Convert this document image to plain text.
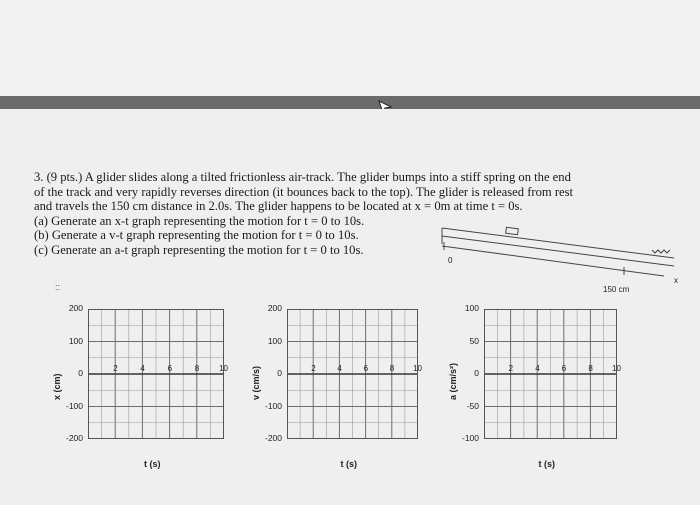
3. (9 pts.) A glider slides along a tilted frictionless air-track. The glider bumps into a stiff spring on the end

of the track and very rapidly reverses direction (it bounces back to the top). The glider is released from rest

and travels the 150 cm distance in 2.0s. The glider happens to be located at x = 0m at time t = 0s.

(a) Generate an x-t graph representing the motion for t = 0 to 10s.

(b) Generate a v-t graph representing the motion for t = 0 to 10s.

(c) Generate an a-t graph representing the motion for t = 0 to 10s.

0
150 cm
x
::
200
100
0
-100
-200
2	4	6	8 10
x (cm)
t (s)
200
100
0
-100
-200
2	4	6	8 10
v (cm/s)
t (s)
100
50
0
-50
-100
2	4	6	8 10
a (cm/s²)
t (s)
